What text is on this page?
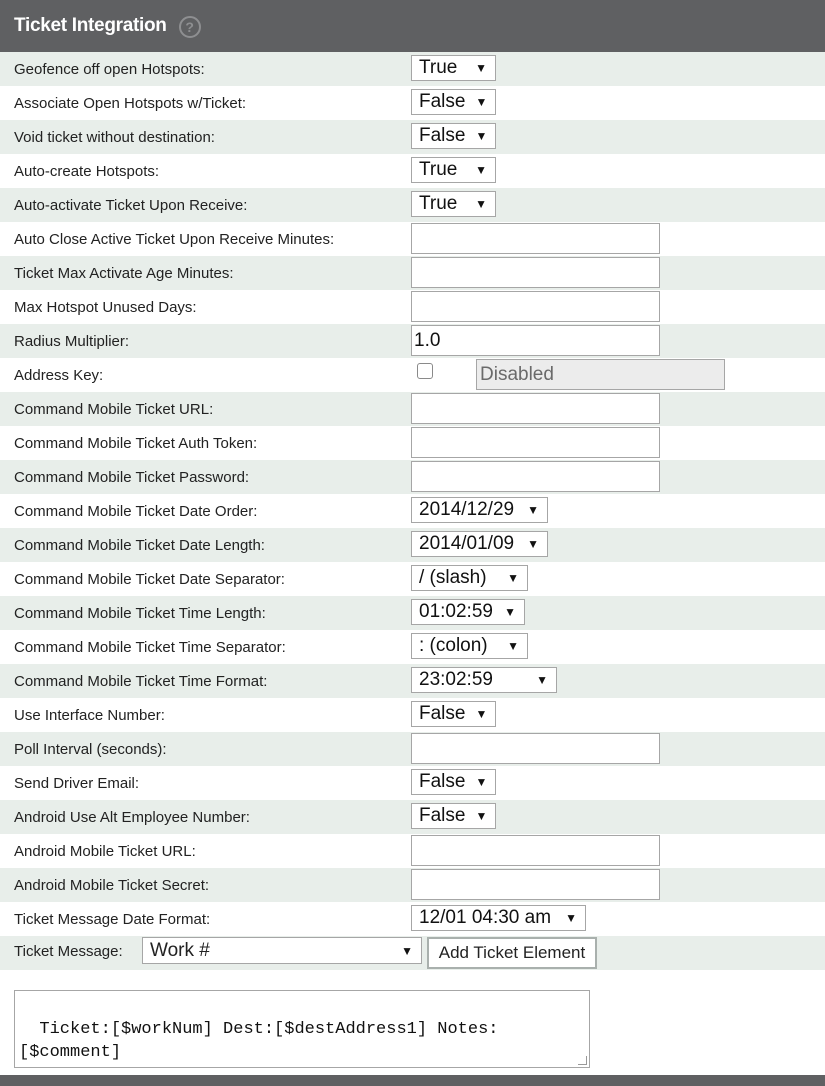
Ticket Integration	?
Geofence off open Hotspots:	True ▼
Associate Open Hotspots w/Ticket:	False ▼
Void ticket without destination:	False ▼
Auto-create Hotspots:	True ▼
Auto-activate Ticket Upon Receive:	True ▼
Auto Close Active Ticket Upon Receive Minutes:
Ticket Max Activate Age Minutes:
Max Hotspot Unused Days:
Radius Multiplier:	1.0
Address Key:	Disabled
Command Mobile Ticket URL:
Command Mobile Ticket Auth Token:
Command Mobile Ticket Password:
Command Mobile Ticket Date Order:	2014/12/29 ▼
Command Mobile Ticket Date Length:	2014/01/09 ▼
Command Mobile Ticket Date Separator:	/ (slash) ▼
Command Mobile Ticket Time Length:	01:02:59 ▼
Command Mobile Ticket Time Separator:	: (colon) ▼
Command Mobile Ticket Time Format:	23:02:59	▼
Use Interface Number:	False ▼
Poll Interval (seconds):
Send Driver Email:	False ▼
Android Use Alt Employee Number:	False ▼
Android Mobile Ticket URL:
Android Mobile Ticket Secret:
Ticket Message Date Format:	12/01 04:30 am ▼
Ticket Message: Work #	▼	Add Ticket Element

Ticket:[$workNum] Dest:[$destAddress1] Notes:
[$comment]
